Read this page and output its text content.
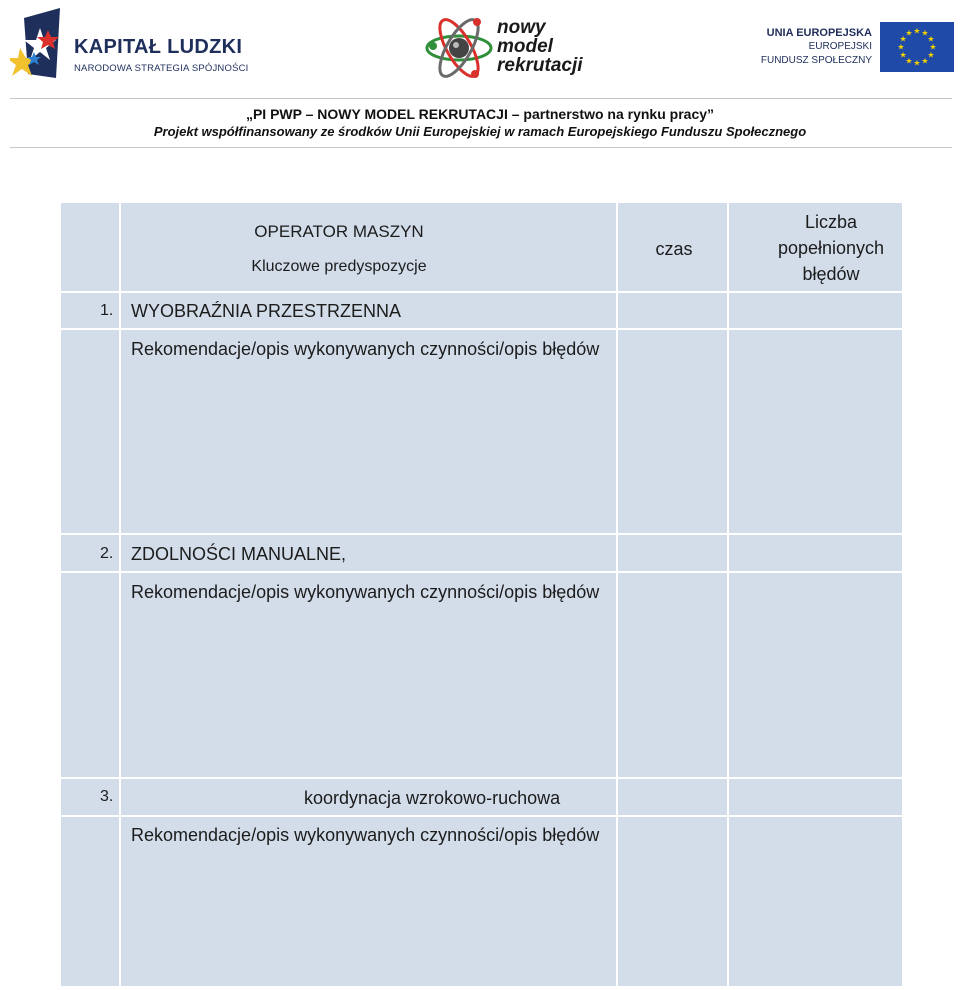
KAPITAŁ LUDZKI
NARODOWA STRATEGIA SPÓJNOŚCI
nowy
model
rekrutacji
UNIA EUROPEJSKA
EUROPEJSKI
FUNDUSZ SPOŁECZNY
★ ★
★
★
★
★
★
★
★
★
★
★
„PI PWP – NOWY MODEL REKRUTACJI – partnerstwo na rynku pracy”
Projekt współfinansowany ze środków Unii Europejskiej w ramach Europejskiego Funduszu Społecznego
OPERATOR MASZYN
Kluczowe predyspozycje
czas
Liczba
popełnionych
błędów
1. WYOBRAŹNIA PRZESTRZENNA
Rekomendacje/opis wykonywanych czynności/opis błędów
2. ZDOLNOŚCI MANUALNE,
Rekomendacje/opis wykonywanych czynności/opis błędów
3.	koordynacja wzrokowo-ruchowa
Rekomendacje/opis wykonywanych czynności/opis błędów
